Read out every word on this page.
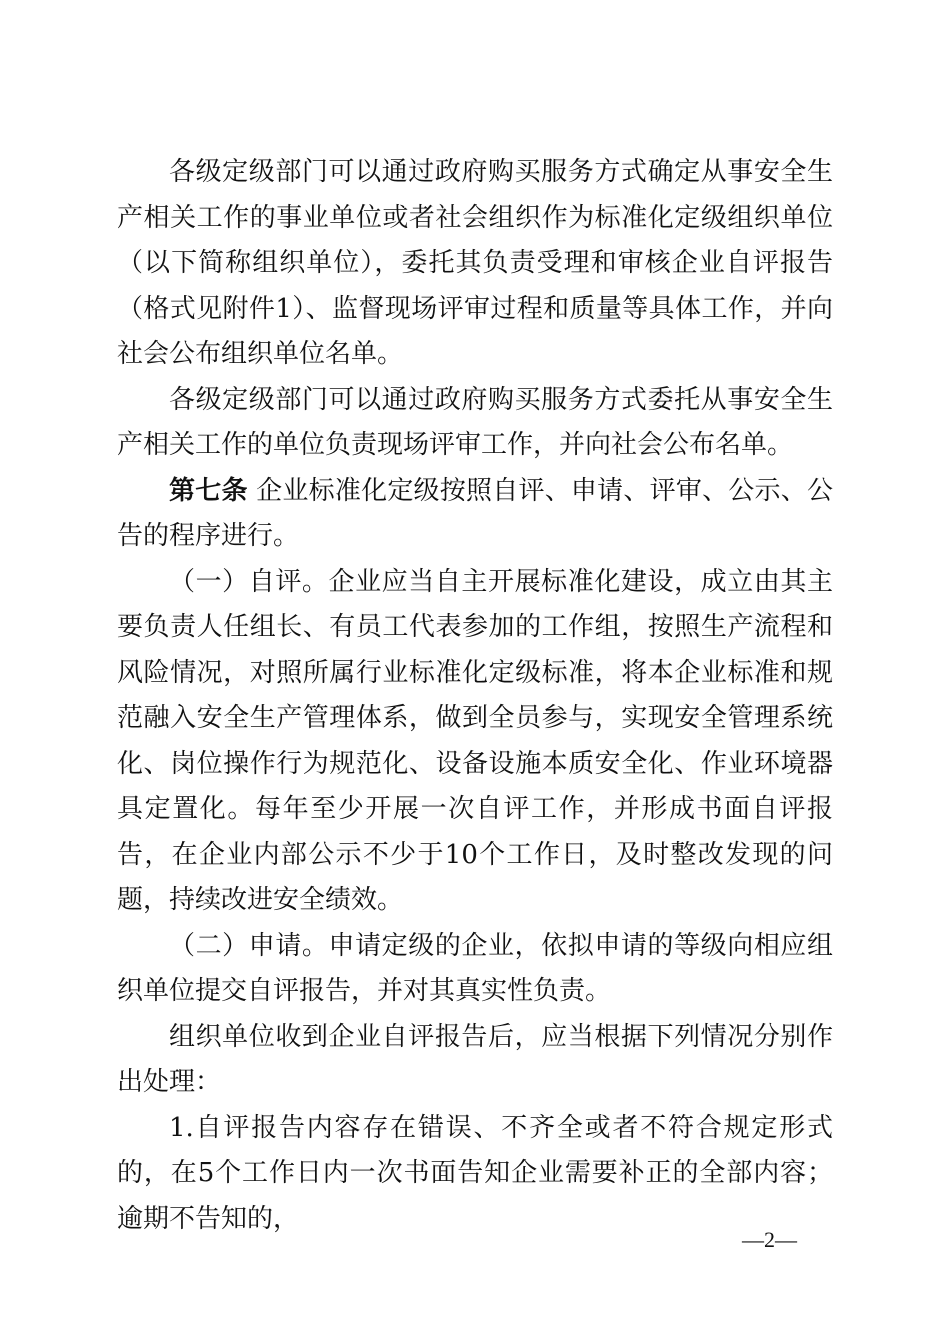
各级定级部门可以通过政府购买服务方式确定从事安全生产相关工作的事业单位或者社会组织作为标准化定级组织单位（以下简称组织单位），委托其负责受理和审核企业自评报告（格式见附件1）、监督现场评审过程和质量等具体工作，并向社会公布组织单位名单。

各级定级部门可以通过政府购买服务方式委托从事安全生产相关工作的单位负责现场评审工作，并向社会公布名单。

第七条 企业标准化定级按照自评、申请、评审、公示、公告的程序进行。

（一）自评。企业应当自主开展标准化建设，成立由其主要负责人任组长、有员工代表参加的工作组，按照生产流程和风险情况，对照所属行业标准化定级标准，将本企业标准和规范融入安全生产管理体系，做到全员参与，实现安全管理系统化、岗位操作行为规范化、设备设施本质安全化、作业环境器具定置化。每年至少开展一次自评工作，并形成书面自评报告，在企业内部公示不少于10个工作日，及时整改发现的问题，持续改进安全绩效。

（二）申请。申请定级的企业，依拟申请的等级向相应组织单位提交自评报告，并对其真实性负责。

组织单位收到企业自评报告后，应当根据下列情况分别作出处理：

1.自评报告内容存在错误、不齐全或者不符合规定形式的，在5个工作日内一次书面告知企业需要补正的全部内容；逾期不告知的，

—2—
